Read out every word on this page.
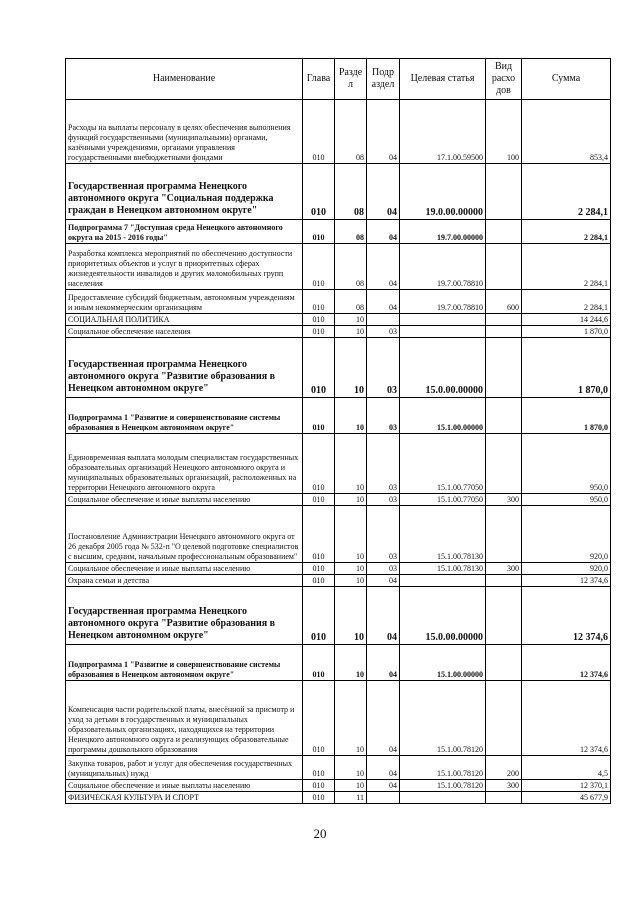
Наименование	Глава	Разде л	Подр аздел	Целевая статья	Вид расхо дов	Сумма
Расходы на выплаты персоналу в целях обеспечения выполнения функций государственными (муниципальными) органами, казёнными учреждениями, органами управления государственными внебюджетными фондами	010	08	04	17.1.00.59500	100	853,4
Государственная программа Ненецкого автономного округа "Социальная поддержка граждан в Ненецком автономном округе"	010	08	04	19.0.00.00000		2 284,1
Подпрограмма 7 "Доступная среда Ненецкого автономного округа на 2015 - 2016 годы"	010	08	04	19.7.00.00000		2 284,1
Разработка комплекса мероприятий по обеспечению доступности приоритетных объектов и услуг в приоритетных сферах жизнедеятельности инвалидов и других маломобильных групп населения	010	08	04	19.7.00.78810		2 284,1
Предоставление субсидий бюджетным, автономным учреждениям и иным некоммерческим организациям	010	08	04	19.7.00.78810	600	2 284,1
СОЦИАЛЬНАЯ ПОЛИТИКА	010	10				14 244,6
Социальное обеспечение населения	010	10	03			1 870,0
Государственная программа Ненецкого автономного округа "Развитие образования в Ненецком автономном округе"	010	10	03	15.0.00.00000		1 870,0
Подпрограмма 1 "Развитие и совершенствование системы образования в Ненецком автономном округе"	010	10	03	15.1.00.00000		1 870,0
Единовременная выплата молодым специалистам государственных образовательных организаций Ненецкого автономного округа и муниципальных образовательных организаций, расположенных на территории Ненецкого автономного округа	010	10	03	15.1.00.77050		950,0
Социальное обеспечение и иные выплаты населению	010	10	03	15.1.00.77050	300	950,0
Постановление Администрации Ненецкого автономного округа от 26 декабря 2005 года № 532-п "О целевой подготовке специалистов с высшим, средним, начальным профессиональным образованием"	010	10	03	15.1.00.78130		920,0
Социальное обеспечение и иные выплаты населению	010	10	03	15.1.00.78130	300	920,0
Охрана семьи и детства	010	10	04			12 374,6
Государственная программа Ненецкого автономного округа "Развитие образования в Ненецком автономном округе"	010	10	04	15.0.00.00000		12 374,6
Подпрограмма 1 "Развитие и совершенствование системы образования в Ненецком автономном округе"	010	10	04	15.1.00.00000		12 374,6
Компенсация части родительской платы, внесённой за присмотр и уход за детьми в государственных и муниципальных образовательных организациях, находящихся на территории Ненецкого автономного округа и реализующих образовательные программы дошкольного образования	010	10	04	15.1.00.78120		12 374,6
Закупка товаров, работ и услуг для обеспечения государственных (муниципальных) нужд	010	10	04	15.1.00.78120	200	4,5
Социальное обеспечение и иные выплаты населению	010	10	04	15.1.00.78120	300	12 370,1
ФИЗИЧЕСКАЯ КУЛЬТУРА И СПОРТ	010	11				45 677,9
20
